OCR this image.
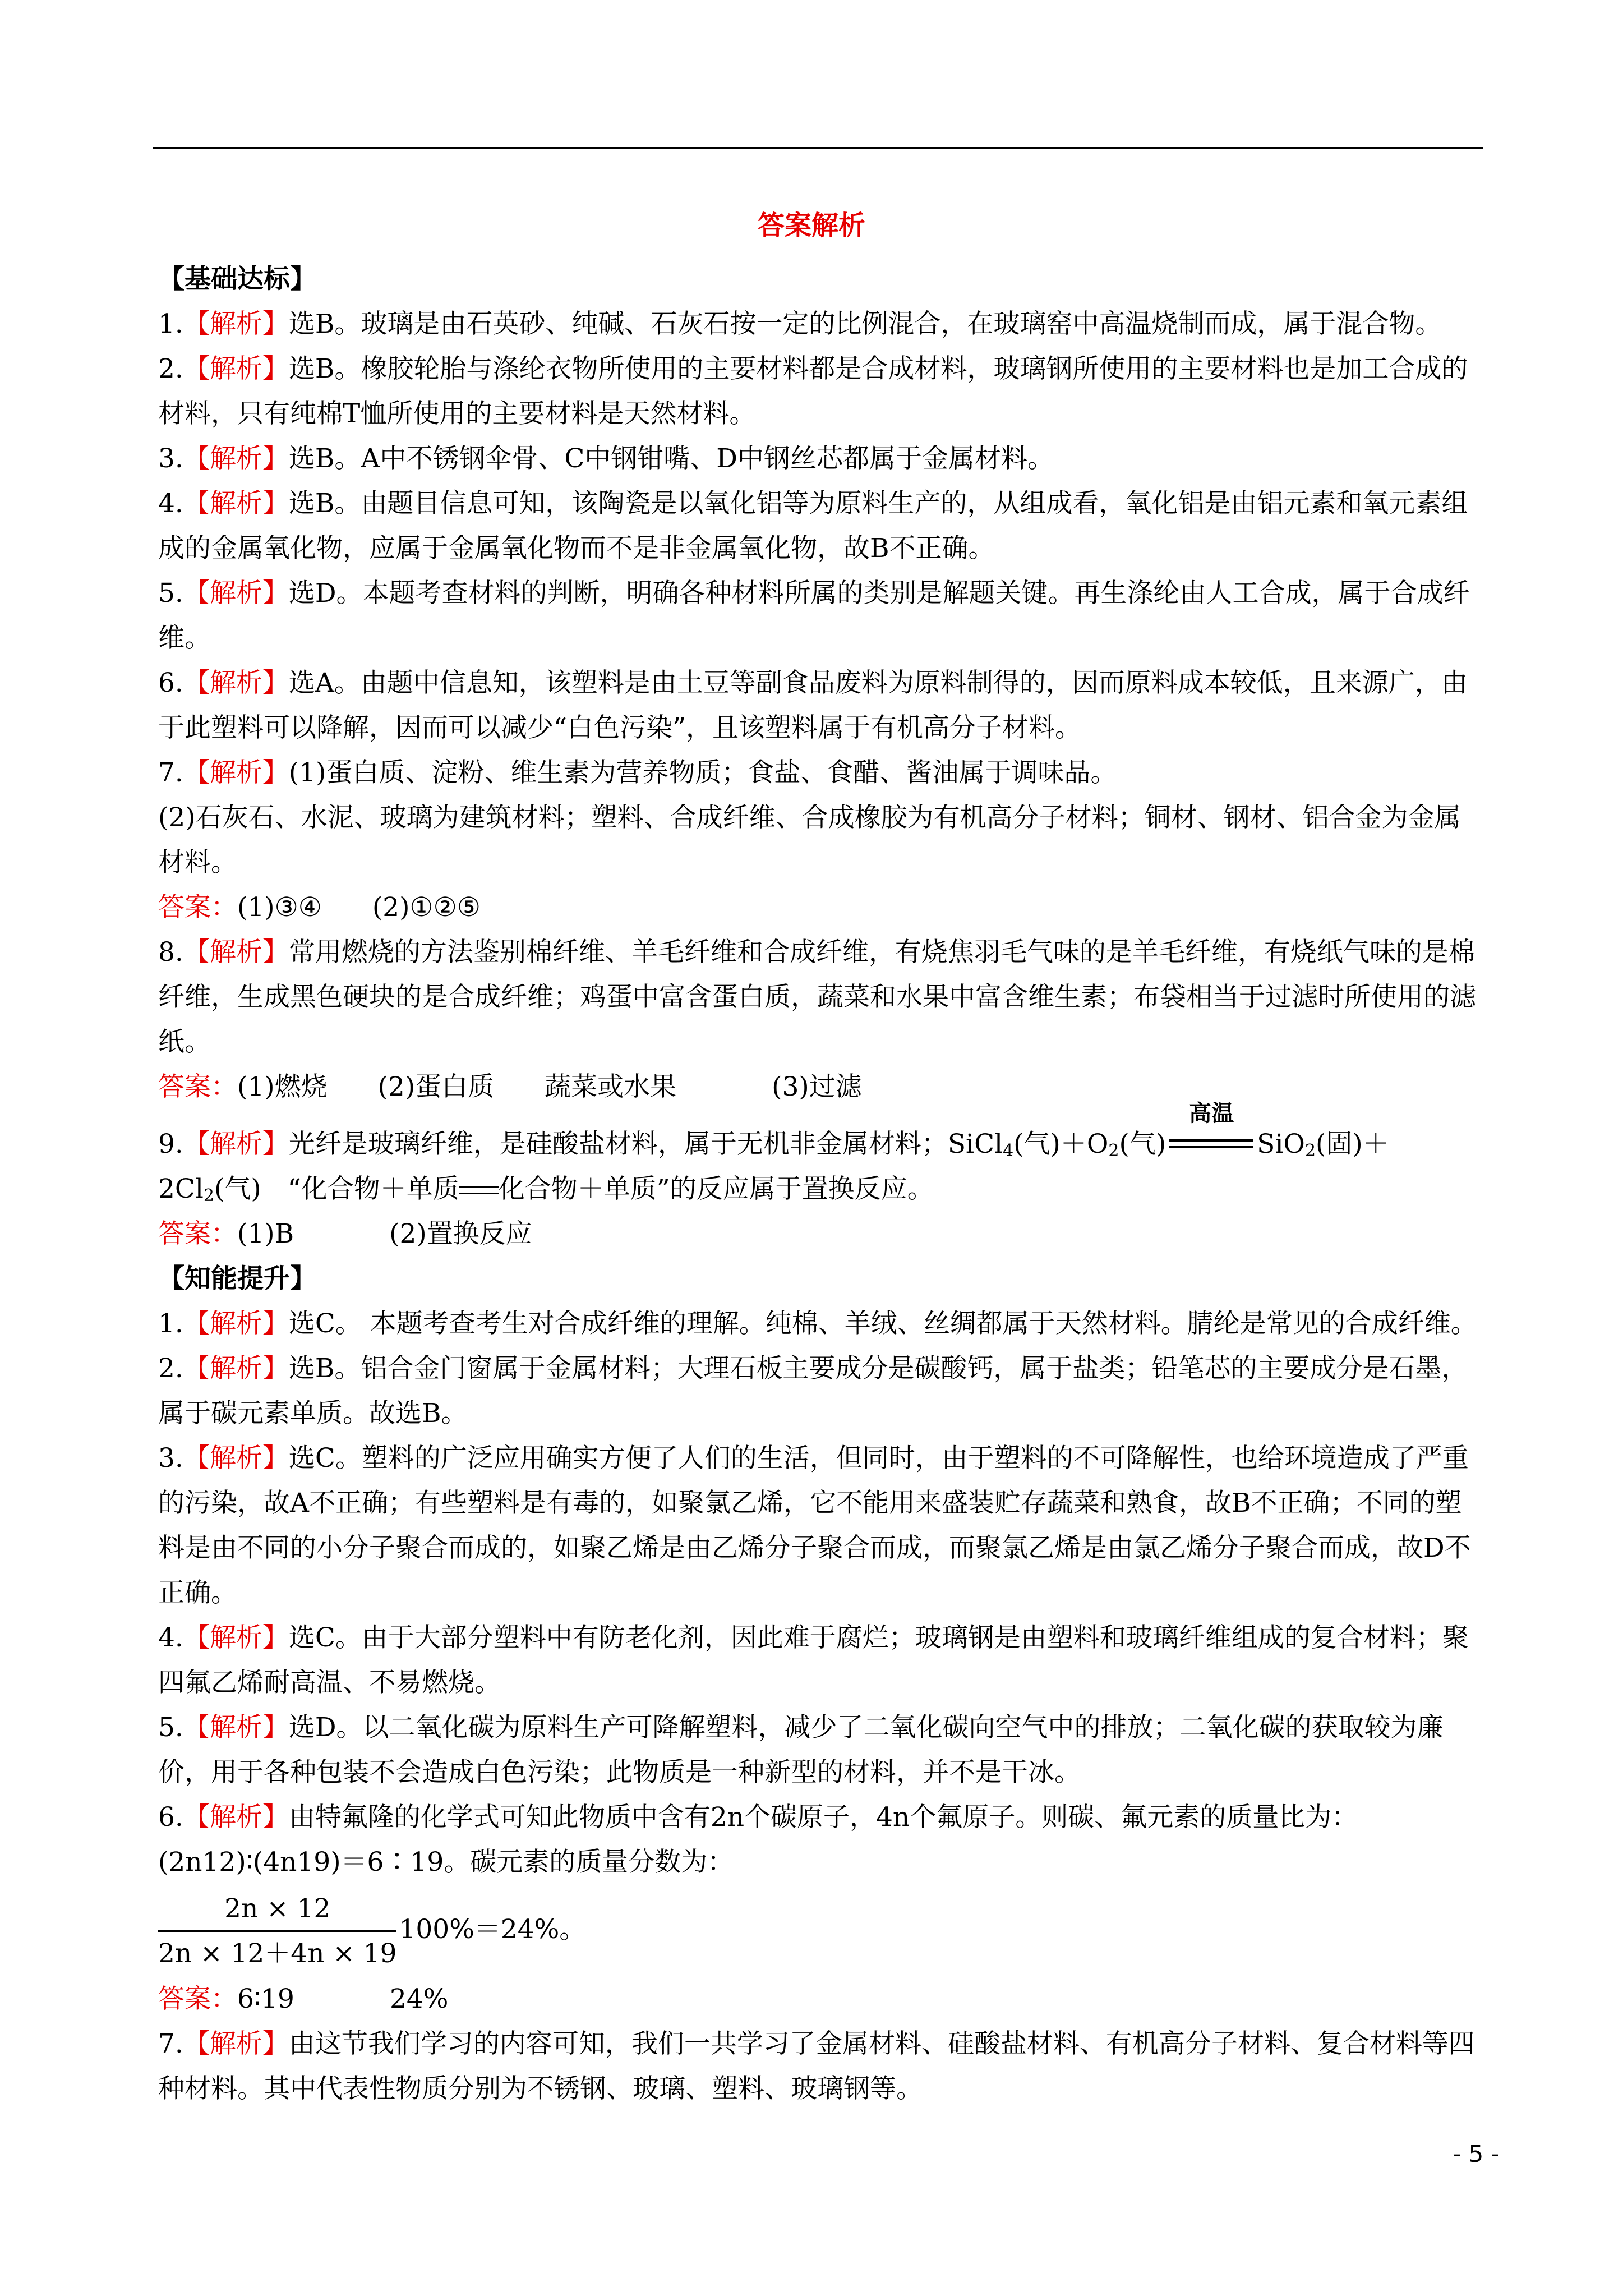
答案解析
【基础达标】

1.【解析】选B。玻璃是由石英砂、纯碱、石灰石按一定的比例混合，在玻璃窑中高温烧制而成，属于混合物。

2.【解析】选B。橡胶轮胎与涤纶衣物所使用的主要材料都是合成材料，玻璃钢所使用的主要材料也是加工合成的材料，只有纯棉T恤所使用的主要材料是天然材料。

3.【解析】选B。A中不锈钢伞骨、C中钢钳嘴、D中钢丝芯都属于金属材料。

4.【解析】选B。由题目信息可知，该陶瓷是以氧化铝等为原料生产的，从组成看，氧化铝是由铝元素和氧元素组成的金属氧化物，应属于金属氧化物而不是非金属氧化物，故B不正确。

5.【解析】选D。本题考查材料的判断，明确各种材料所属的类别是解题关键。再生涤纶由人工合成，属于合成纤维。

6.【解析】选A。由题中信息知，该塑料是由土豆等副食品废料为原料制得的，因而原料成本较低，且来源广，由于此塑料可以降解，因而可以减少“白色污染”，且该塑料属于有机高分子材料。

7.【解析】(1)蛋白质、淀粉、维生素为营养物质；食盐、食醋、酱油属于调味品。

(2)石灰石、水泥、玻璃为建筑材料；塑料、合成纤维、合成橡胶为有机高分子材料；铜材、钢材、铝合金为金属材料。

答案：(1)③④ (2)①②⑤

8.【解析】常用燃烧的方法鉴别棉纤维、羊毛纤维和合成纤维，有烧焦羽毛气味的是羊毛纤维，有烧纸气味的是棉纤维，生成黑色硬块的是合成纤维；鸡蛋中富含蛋白质，蔬菜和水果中富含维生素；布袋相当于过滤时所使用的滤纸。

答案：(1)燃烧 (2)蛋白质 蔬菜或水果	(3)过滤

9.【解析】光纤是玻璃纤维，是硅酸盐材料，属于无机非金属材料；SiCl$_4$(气)$+O_2$(气)
高温
SiO$_2$(固)＋
$2Cl_2$(气)　“化合物＋单质 化合物＋单质”的反应属于置换反应。

答案：(1)B	(2)置换反应

【知能提升】

1.【解析】选C。 本题考查考生对合成纤维的理解。纯棉、羊绒、丝绸都属于天然材料。腈纶是常见的合成纤维。

2.【解析】选B。铝合金门窗属于金属材料；大理石板主要成分是碳酸钙，属于盐类；铅笔芯的主要成分是石墨，属于碳元素单质。故选B。

3.【解析】选C。塑料的广泛应用确实方便了人们的生活，但同时，由于塑料的不可降解性，也给环境造成了严重的污染，故A不正确；有些塑料是有毒的，如聚氯乙烯，它不能用来盛装贮存蔬菜和熟食，故B不正确；不同的塑料是由不同的小分子聚合而成的，如聚乙烯是由乙烯分子聚合而成，而聚氯乙烯是由氯乙烯分子聚合而成，故D不正确。

4.【解析】选C。由于大部分塑料中有防老化剂，因此难于腐烂；玻璃钢是由塑料和玻璃纤维组成的复合材料；聚四氟乙烯耐高温、不易燃烧。

5.【解析】选D。以二氧化碳为原料生产可降解塑料，减少了二氧化碳向空气中的排放；二氧化碳的获取较为廉价，用于各种包装不会造成白色污染；此物质是一种新型的材料，并不是干冰。

6.【解析】由特氟隆的化学式可知此物质中含有2n个碳原子，4n个氟原子。则碳、氟元素的质量比为：(2n12)∶(4n19)＝6∶19。碳元素的质量分数为：

$\frac{2n \times 12}{2n \times 12+4n \times 19} 100\%=24\%$。

答案：6∶19	24%

7.【解析】由这节我们学习的内容可知，我们一共学习了金属材料、硅酸盐材料、有机高分子材料、复合材料等四种材料。其中代表性物质分别为不锈钢、玻璃、塑料、玻璃钢等。

- 5 -
